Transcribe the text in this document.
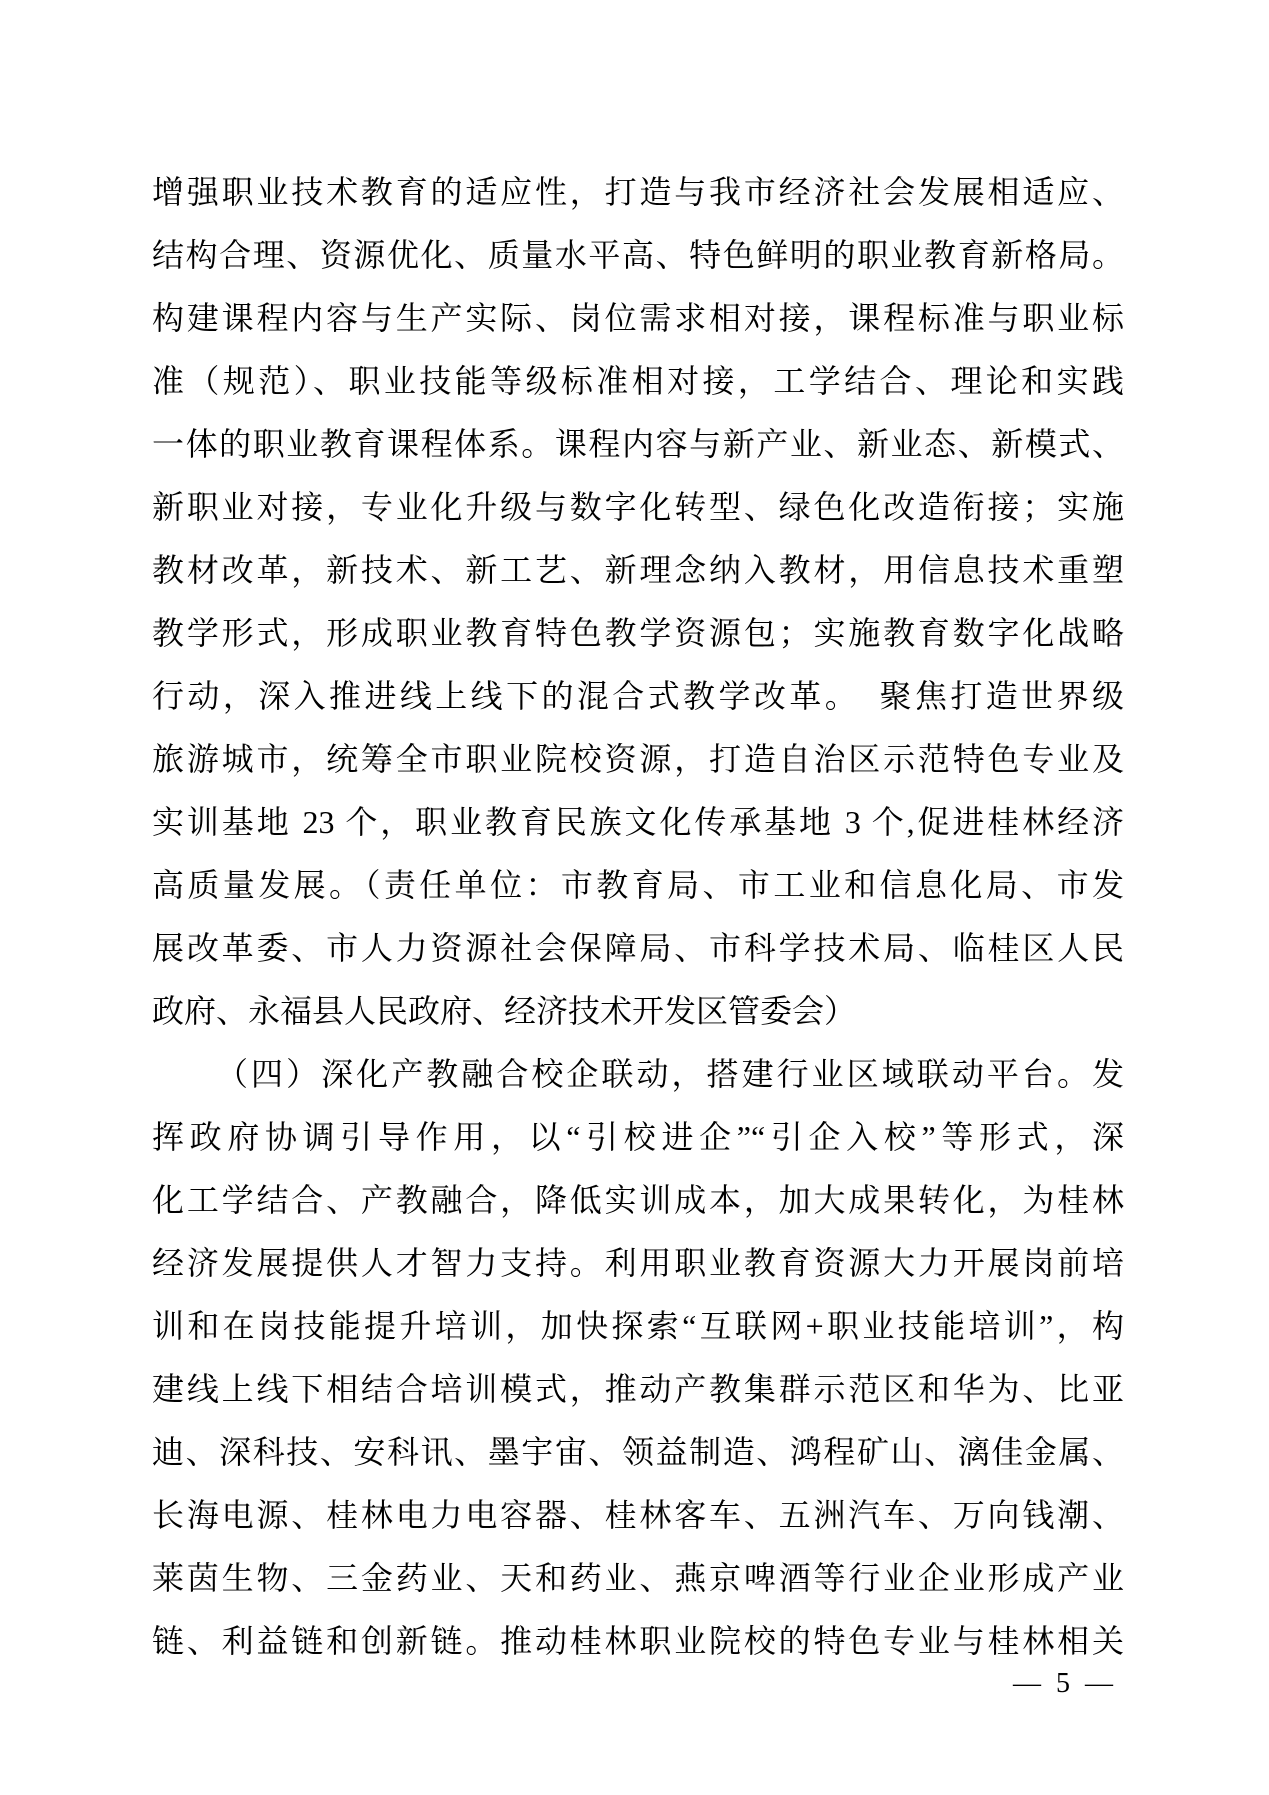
增强职业技术教育的适应性，打造与我市经济社会发展相适应、
结构合理、资源优化、质量水平高、特色鲜明的职业教育新格局。
构建课程内容与生产实际、岗位需求相对接，课程标准与职业标
准（规范）、职业技能等级标准相对接，工学结合、理论和实践
一体的职业教育课程体系。课程内容与新产业、新业态、新模式、
新职业对接，专业化升级与数字化转型、绿色化改造衔接；实施
教材改革，新技术、新工艺、新理念纳入教材，用信息技术重塑
教学形式，形成职业教育特色教学资源包；实施教育数字化战略
行动，深入推进线上线下的混合式教学改革。　聚焦打造世界级
旅游城市，统筹全市职业院校资源，打造自治区示范特色专业及
实训基地 23 个，职业教育民族文化传承基地 3 个,促进桂林经济
高质量发展。（责任单位：市教育局、市工业和信息化局、市发
展改革委、市人力资源社会保障局、市科学技术局、临桂区人民
政府、永福县人民政府、经济技术开发区管委会）
（四）深化产教融合校企联动，搭建行业区域联动平台。发
挥政府协调引导作用，以“引校进企”“引企入校”等形式，深
化工学结合、产教融合，降低实训成本，加大成果转化，为桂林
经济发展提供人才智力支持。利用职业教育资源大力开展岗前培
训和在岗技能提升培训，加快探索“互联网+职业技能培训”，构
建线上线下相结合培训模式，推动产教集群示范区和华为、比亚
迪、深科技、安科讯、墨宇宙、领益制造、鸿程矿山、漓佳金属、
长海电源、桂林电力电容器、桂林客车、五洲汽车、万向钱潮、
莱茵生物、三金药业、天和药业、燕京啤酒等行业企业形成产业
链、利益链和创新链。推动桂林职业院校的特色专业与桂林相关
— 5 —
